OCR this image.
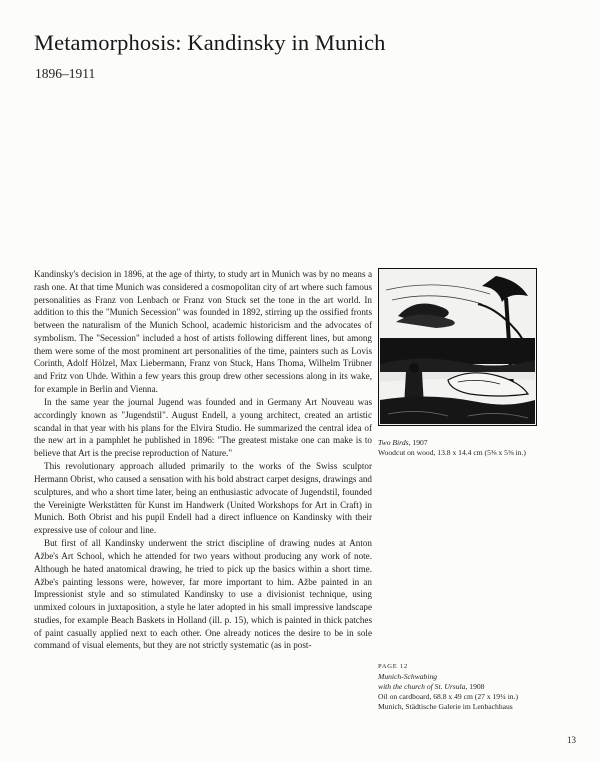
Metamorphosis: Kandinsky in Munich
1896–1911

Kandinsky's decision in 1896, at the age of thirty, to study art in Munich was by no means a rash one. At that time Munich was considered a cosmopolitan city of art where such famous personalities as Franz von Lenbach or Franz von Stuck set the tone in the art world. In addition to this the "Munich Secession" was founded in 1892, stirring up the ossified fronts between the naturalism of the Munich School, academic historicism and the advocates of symbolism. The "Secession" included a host of artists following different lines, but among them were some of the most prominent art personalities of the time, painters such as Lovis Corinth, Adolf Hölzel, Max Liebermann, Franz von Stuck, Hans Thoma, Wilhelm Trübner and Fritz von Uhde. Within a few years this group drew other secessions along in its wake, for example in Berlin and Vienna.

In the same year the journal Jugend was founded and in Germany Art Nouveau was accordingly known as "Jugendstil". August Endell, a young architect, created an artistic scandal in that year with his plans for the Elvira Studio. He summarized the central idea of the new art in a pamphlet he published in 1896: "The greatest mistake one can make is to believe that Art is the precise reproduction of Nature."

This revolutionary approach alluded primarily to the works of the Swiss sculptor Hermann Obrist, who caused a sensation with his bold abstract carpet designs, drawings and sculptures, and who a short time later, being an enthusiastic advocate of Jugendstil, founded the Vereinigte Werkstätten für Kunst im Handwerk (United Workshops for Art in Craft) in Munich. Both Obrist and his pupil Endell had a direct influence on Kandinsky with their expressive use of colour and line.

But first of all Kandinsky underwent the strict discipline of drawing nudes at Anton Ažbe's Art School, which he attended for two years without producing any work of note. Although he hated anatomical drawing, he tried to pick up the basics within a short time. Ažbe's painting lessons were, however, far more important to him. Ažbe painted in an Impressionist style and so stimulated Kandinsky to use a divisionist technique, using unmixed colours in juxtaposition, a style he later adopted in his small impressive landscape studies, for example Beach Baskets in Holland (ill. p. 15), which is painted in thick patches of paint casually applied next to each other. One already notices the desire to be in sole command of visual elements, but they are not strictly systematic (as in post-

Two Birds, 1907
Woodcut on wood, 13.8 x 14.4 cm (5⅜ x 5⅝ in.)
PAGE 12
Munich-Schwabing
with the church of St. Ursula, 1908
Oil on cardboard, 68.8 x 49 cm (27 x 19¼ in.)
Munich, Städtische Galerie im Lenbachhaus
13
